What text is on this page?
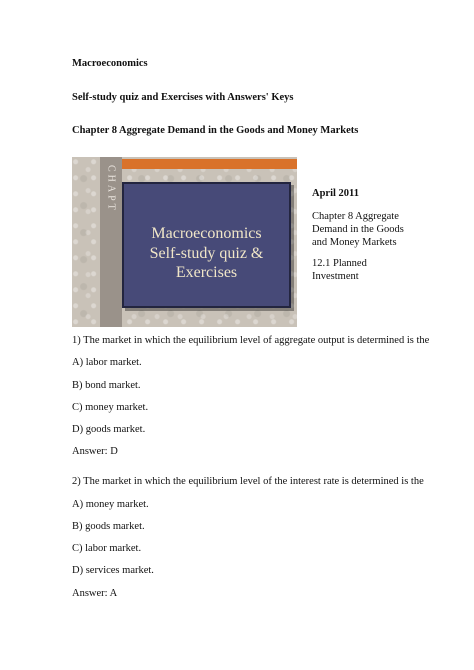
Macroeconomics
Self-study quiz and Exercises with Answers' Keys
Chapter 8 Aggregate Demand in the Goods and Money Markets
CHAPT
Macroeconomics
Self-study quiz & Exercises
April 2011
Chapter 8 Aggregate
Demand in the Goods
and Money Markets
12.1 Planned
Investment
1) The market in which the equilibrium level of aggregate output is determined is the
A) labor market.
B) bond market.
C) money market.
D) goods market.
Answer: D
2) The market in which the equilibrium level of the interest rate is determined is the
A) money market.
B) goods market.
C) labor market.
D) services market.
Answer: A
